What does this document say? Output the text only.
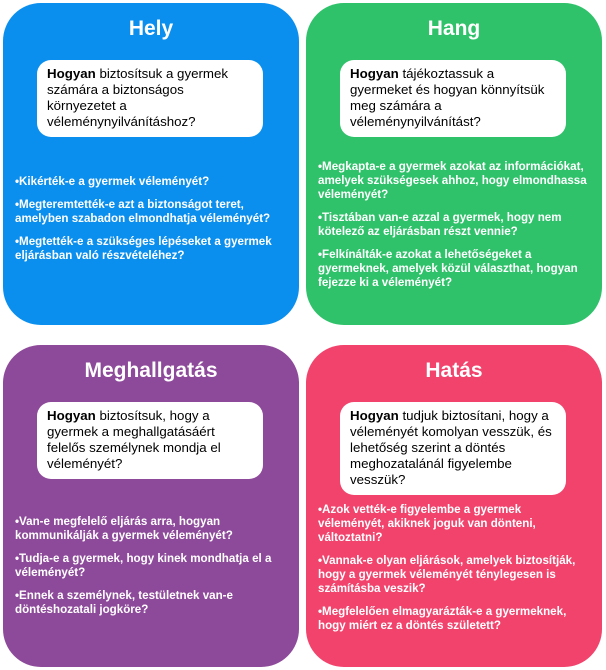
Hely
Hogyan biztosítsuk a gyermek számára a biztonságos környezetet a véleménynyilvánításhoz?
•Kikérték-e a gyermek véleményét?
•Megteremtették-e azt a biztonságot teret, amelyben szabadon elmondhatja véleményét?
•Megtették-e a szükséges lépéseket a gyermek eljárásban való részvételéhez?
Hang
Hogyan tájékoztassuk a gyermeket és hogyan könnyítsük meg számára a véleménynyilvánítást?
•Megkapta-e a gyermek azokat az információkat, amelyek szükségesek ahhoz, hogy elmondhassa véleményét?
•Tisztában van-e azzal a gyermek, hogy nem kötelező az eljárásban részt vennie?
•Felkínálták-e azokat a lehetőségeket a gyermeknek, amelyek közül választhat, hogyan fejezze ki a véleményét?
Meghallgatás
Hogyan biztosítsuk, hogy a gyermek a meghallgatásáért felelős személynek mondja el véleményét?
•Van-e megfelelő eljárás arra, hogyan kommunikálják a gyermek véleményét?
•Tudja-e a gyermek, hogy kinek mondhatja el a véleményét?
•Ennek a személynek, testületnek van-e döntéshozatali jogköre?
Hatás
Hogyan tudjuk biztosítani, hogy a véleményét komolyan vesszük, és lehetőség szerint a döntés meghozatalánál figyelembe vesszük?
•Azok vették-e figyelembe a gyermek véleményét, akiknek joguk van dönteni, változtatni?
•Vannak-e olyan eljárások, amelyek biztosítják, hogy a gyermek véleményét ténylegesen is számításba veszik?
•Megfelelően elmagyarázták-e a gyermeknek, hogy miért ez a döntés született?
